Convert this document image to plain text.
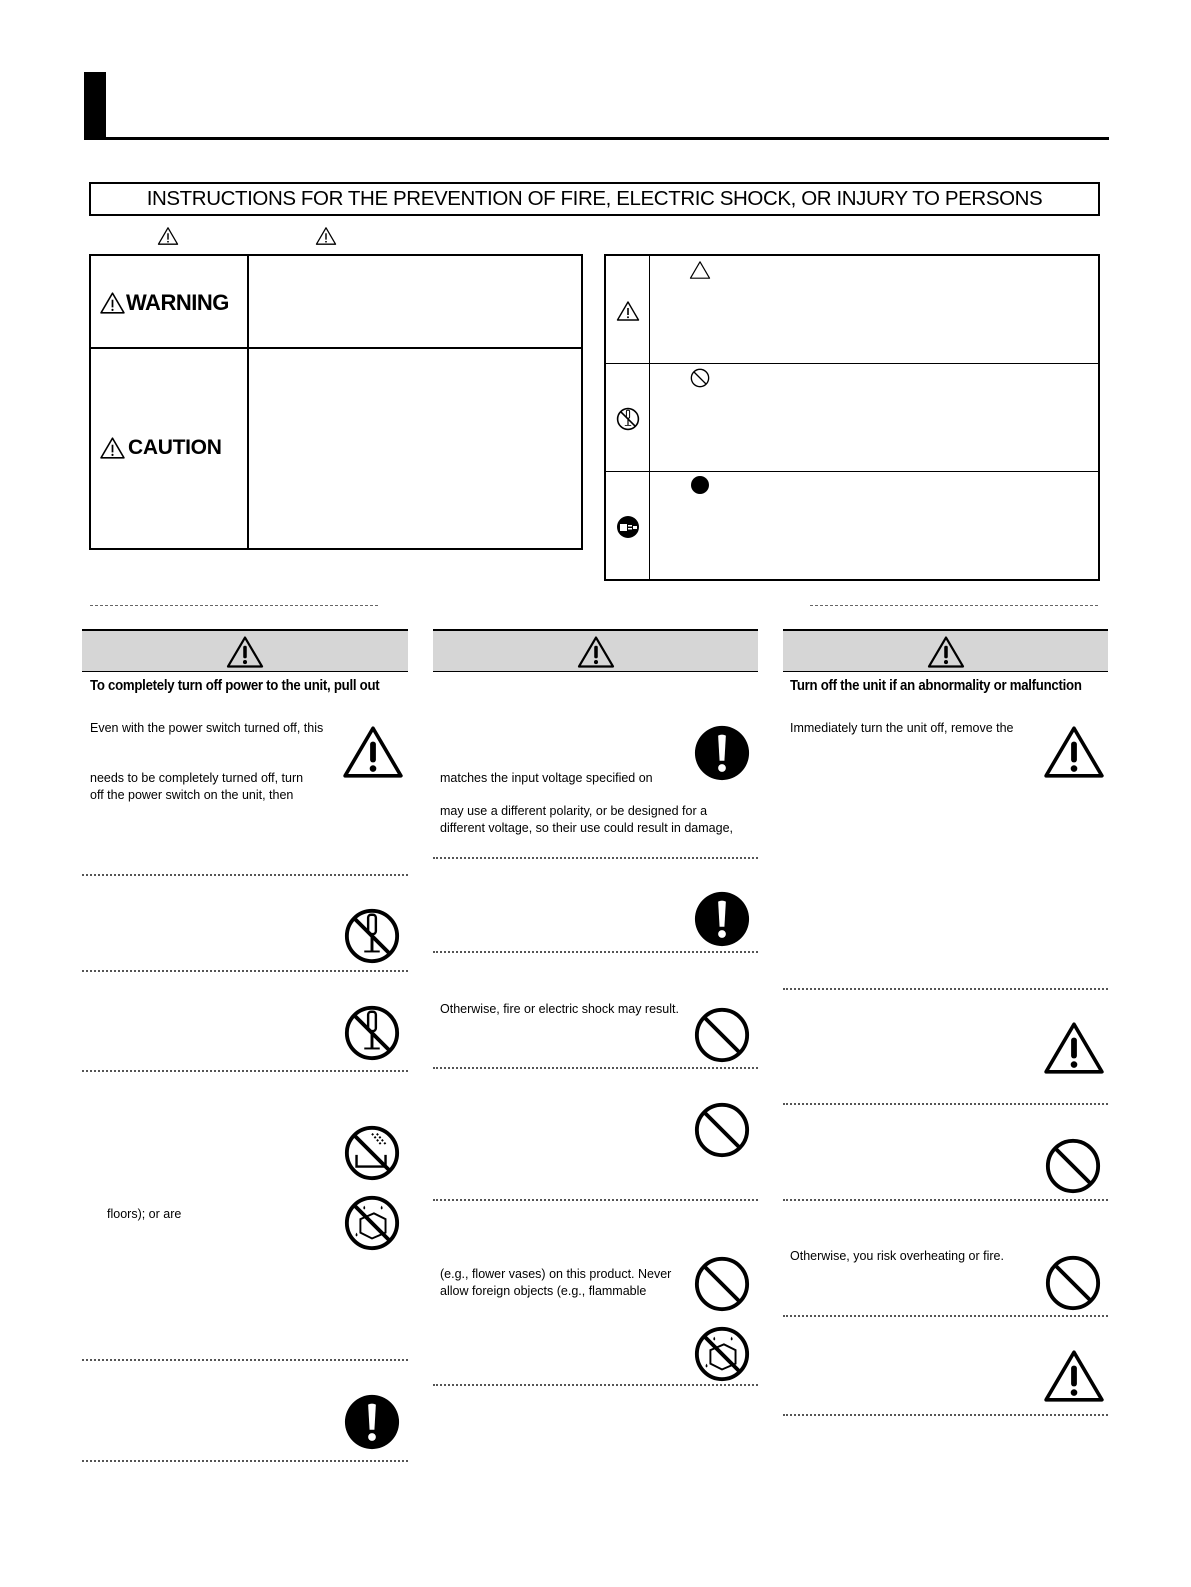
INSTRUCTIONS FOR THE PREVENTION OF FIRE, ELECTRIC SHOCK, OR INJURY TO PERSONS
WARNING
CAUTION
To completely turn off power to the unit, pull out
Even with the power switch turned off, this
needs to be completely turned off, turn
off the power switch on the unit, then
floors); or are
matches the input voltage specified on
may use a different polarity, or be designed for a
different voltage, so their use could result in damage,
Otherwise, fire or electric shock may result.
(e.g., flower vases) on this product. Never
allow foreign objects (e.g., flammable
Turn off the unit if an abnormality or malfunction
Immediately turn the unit off, remove the
Otherwise, you risk overheating or fire.
